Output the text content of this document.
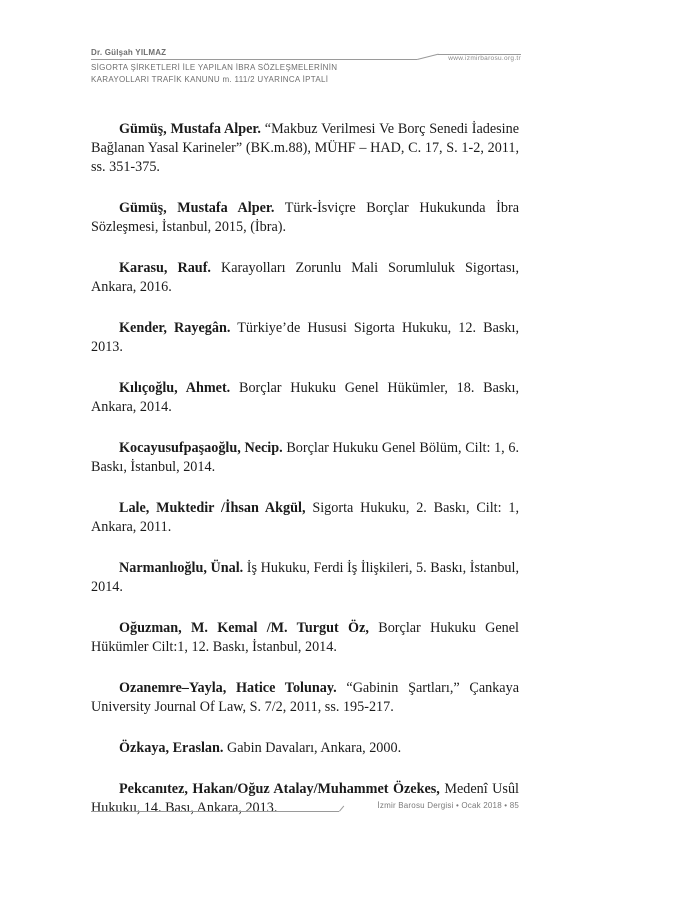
Dr. Gülşah YILMAZ
www.izmirbarosu.org.tr
SİGORTA ŞİRKETLERİ İLE YAPILAN İBRA SÖZLEŞMELERİNİN
KARAYOLLARI TRAFİK KANUNU m. 111/2 UYARINCA İPTALİ

Gümüş, Mustafa Alper. “Makbuz Verilmesi Ve Borç Senedi İadesine Bağlanan Yasal Karineler” (BK.m.88), MÜHF – HAD, C. 17, S. 1-2, 2011, ss. 351-375.

Gümüş, Mustafa Alper. Türk-İsviçre Borçlar Hukukunda İbra Sözleşmesi, İstanbul, 2015, (İbra).

Karasu, Rauf. Karayolları Zorunlu Mali Sorumluluk Sigortası, Ankara, 2016.

Kender, Rayegân. Türkiye’de Hususi Sigorta Hukuku, 12. Baskı, 2013.

Kılıçoğlu, Ahmet. Borçlar Hukuku Genel Hükümler, 18. Baskı, Ankara, 2014.

Kocayusufpaşaoğlu, Necip. Borçlar Hukuku Genel Bölüm, Cilt: 1, 6. Baskı, İstanbul, 2014.

Lale, Muktedir /İhsan Akgül, Sigorta Hukuku, 2. Baskı, Cilt: 1, Ankara, 2011.

Narmanlıoğlu, Ünal. İş Hukuku, Ferdi İş İlişkileri, 5. Baskı, İstanbul, 2014.

Oğuzman, M. Kemal /M. Turgut Öz, Borçlar Hukuku Genel Hükümler Cilt:1, 12. Baskı, İstanbul, 2014.

Ozanemre–Yayla, Hatice Tolunay. “Gabinin Şartları,” Çankaya University Journal Of Law, S. 7/2, 2011, ss. 195-217.

Özkaya, Eraslan. Gabin Davaları, Ankara, 2000.

Pekcanıtez, Hakan/Oğuz Atalay/Muhammet Özekes, Medenî Usûl Hukuku, 14. Bası, Ankara, 2013.	İzmir Barosu Dergisi • Ocak 2018 • 85
